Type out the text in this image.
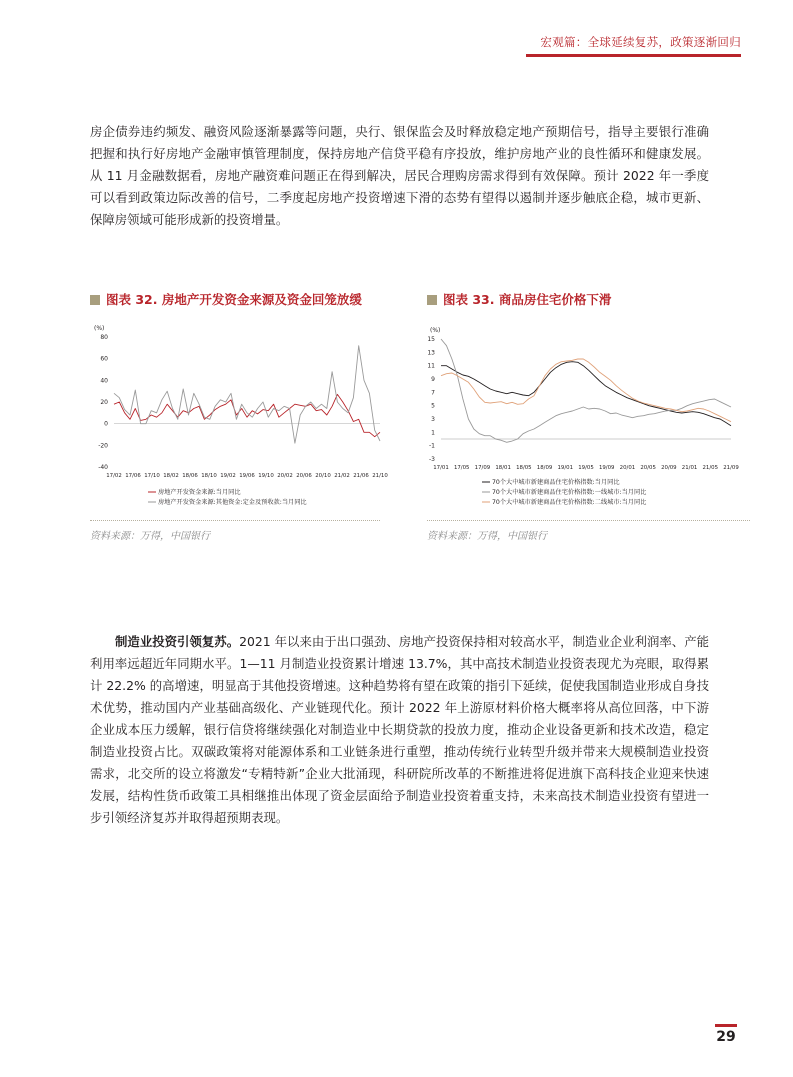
宏观篇：全球延续复苏，政策逐渐回归

房企债券违约频发、融资风险逐渐暴露等问题，央行、银保监会及时释放稳定地产预期信号，指导主要银行准确把握和执行好房地产金融审慎管理制度，保持房地产信贷平稳有序投放，维护房地产业的良性循环和健康发展。从 11 月金融数据看，房地产融资难问题正在得到解决，居民合理购房需求得到有效保障。预计 2022 年一季度可以看到政策边际改善的信号，二季度起房地产投资增速下滑的态势有望得以遏制并逐步触底企稳，城市更新、保障房领域可能形成新的投资增量。

图表 32. 房地产开发资金来源及资金回笼放缓	图表 33. 商品房住宅价格下滑
(%)
80
60
40
20
0
-20
-40
17/02 17/06 17/10 18/02 18/06 18/10 19/02 19/06 19/10 20/02 20/06 20/10 21/02 21/06 21/10
房地产开发资金来源:当月同比
房地产开发资金来源:其他资金:定金及预收款:当月同比
(%)
15
13
11
9
7
5
3
1
-1
-3
17/01 17/05 17/09 18/01 18/05 18/09 19/01 19/05 19/09 20/01 20/05 20/09 21/01 21/05 21/09
70个大中城市新建商品住宅价格指数:当月同比
70个大中城市新建商品住宅价格指数:一线城市:当月同比
70个大中城市新建商品住宅价格指数:二线城市:当月同比
资料来源：万得，中国银行	资料来源：万得，中国银行

制造业投资引领复苏。2021 年以来由于出口强劲、房地产投资保持相对较高水平，制造业企业利润率、产能利用率远超近年同期水平。1—11 月制造业投资累计增速 13.7%，其中高技术制造业投资表现尤为亮眼，取得累计 22.2% 的高增速，明显高于其他投资增速。这种趋势将有望在政策的指引下延续，促使我国制造业形成自身技术优势，推动国内产业基础高级化、产业链现代化。预计 2022 年上游原材料价格大概率将从高位回落，中下游企业成本压力缓解，银行信贷将继续强化对制造业中长期贷款的投放力度，推动企业设备更新和技术改造，稳定制造业投资占比。双碳政策将对能源体系和工业链条进行重塑，推动传统行业转型升级并带来大规模制造业投资需求，北交所的设立将激发“专精特新”企业大批涌现，科研院所改革的不断推进将促进旗下高科技企业迎来快速发展，结构性货币政策工具相继推出体现了资金层面给予制造业投资着重支持，未来高技术制造业投资有望进一步引领经济复苏并取得超预期表现。

29
